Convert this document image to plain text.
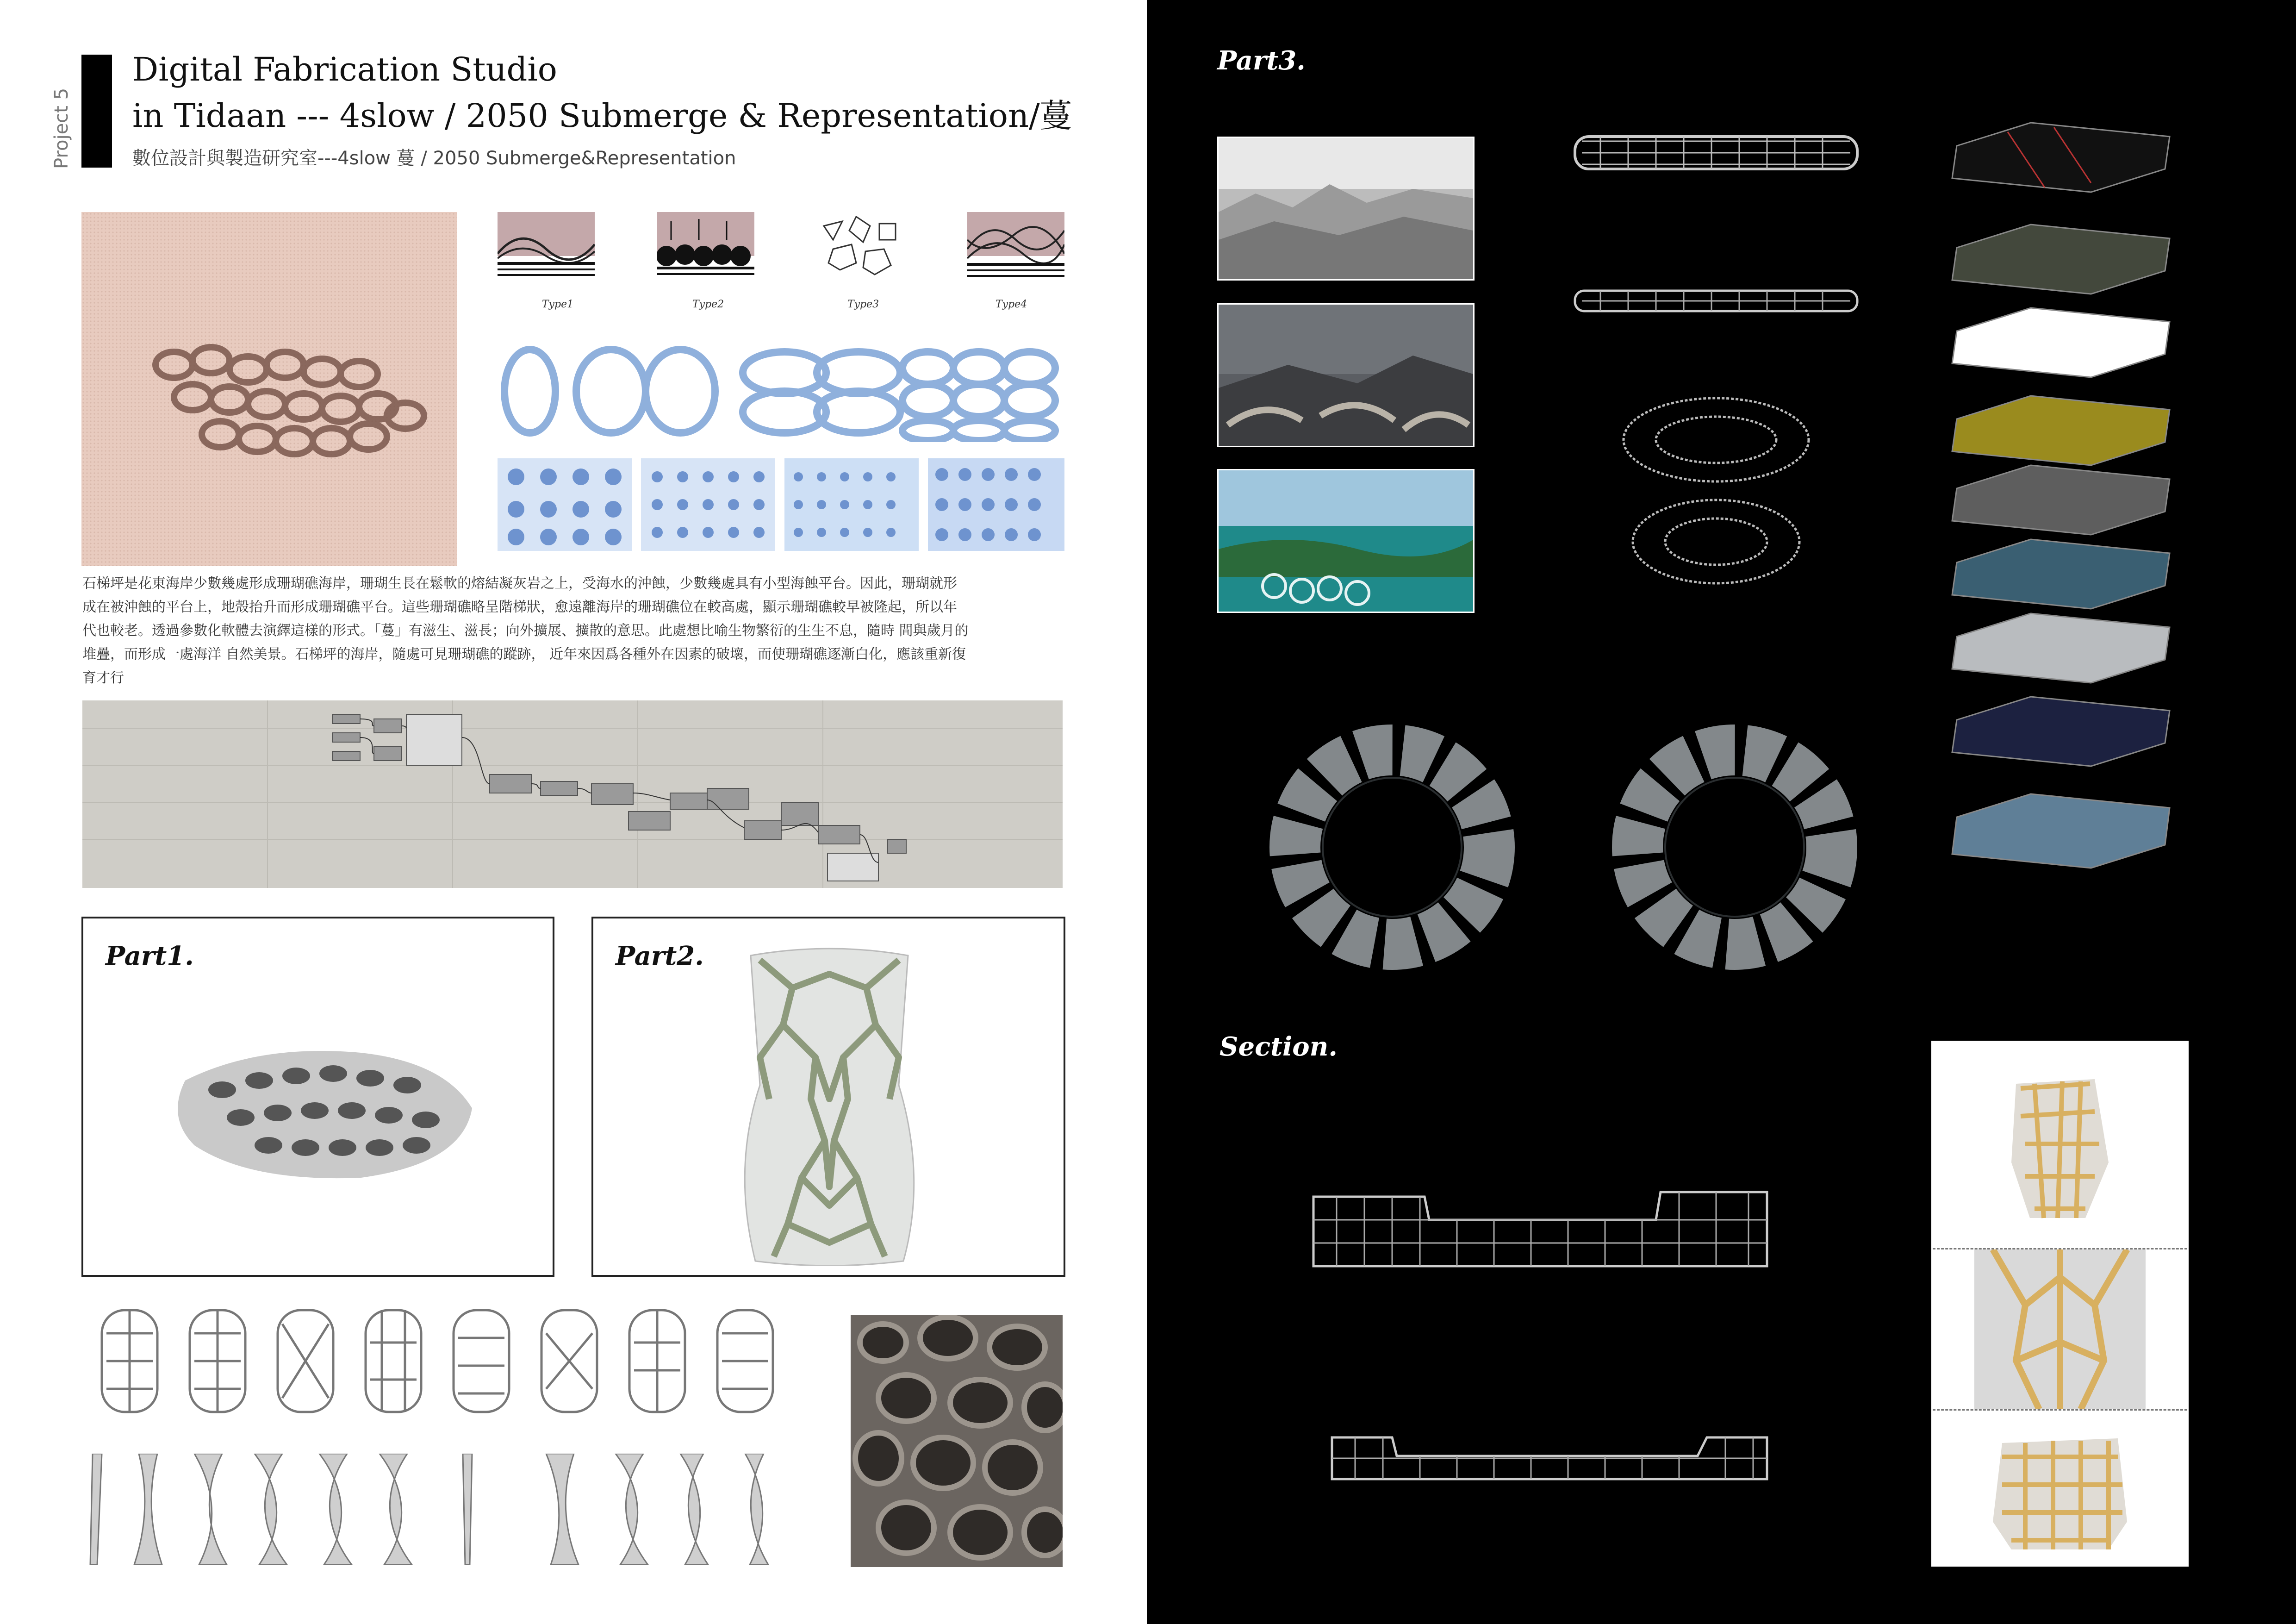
Project 5
Digital Fabrication Studio
in Tidaan --- 4slow / 2050 Submerge & Representation/蔓
數位設計與製造研究室---4slow 蔓 / 2050 Submerge&Representation
Type1	Type2	Type3	Type4
石梯坪是花東海岸少數幾處形成珊瑚礁海岸，珊瑚生長在鬆軟的熔結凝灰岩之上，受海水的沖蝕，少數幾處具有小型海蝕平台。因此，珊瑚就形
成在被沖蝕的平台上，地殼抬升而形成珊瑚礁平台。這些珊瑚礁略呈階梯狀，愈遠離海岸的珊瑚礁位在較高處，顯示珊瑚礁較早被隆起，所以年
代也較老。透過參數化軟體去演繹這樣的形式。「蔓」有滋生、滋長；向外擴展、擴散的意思。此處想比喻生物繁衍的生生不息，隨時 間與歲月的
堆疊，而形成一處海洋 自然美景。石梯坪的海岸，隨處可見珊瑚礁的蹤跡， 近年來因爲各種外在因素的破壞，而使珊瑚礁逐漸白化，應該重新復
育才行
Part1.	Part2.
Part3.
Section.
